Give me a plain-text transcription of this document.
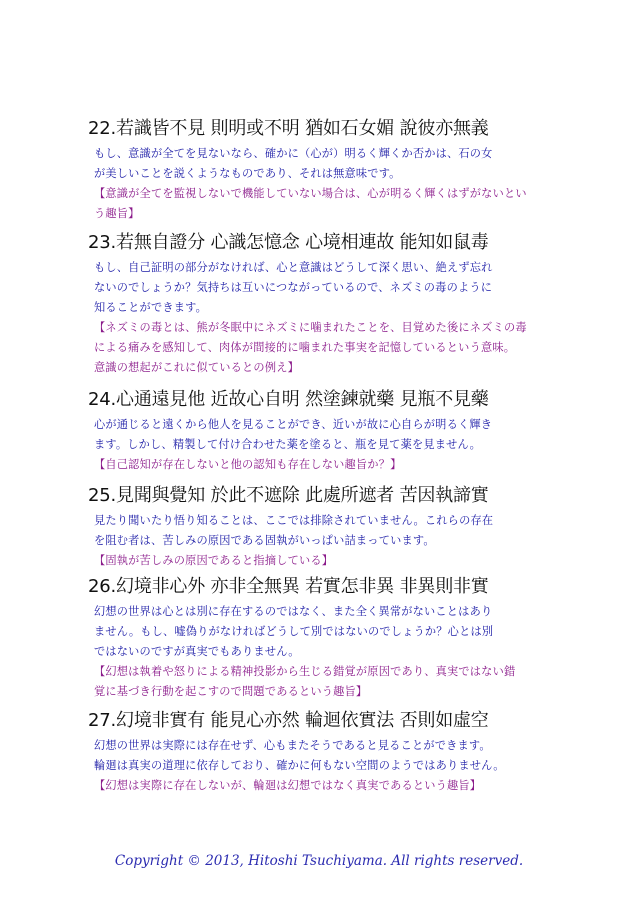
22.若識皆不見 則明或不明 猶如石女媚 說彼亦無義
もし、意識が全てを見ないなら、確かに（心が）明るく輝くか否かは、石の女
が美しいことを説くようなものであり、それは無意味です。
【意識が全てを監視しないで機能していない場合は、心が明るく輝くはずがないとい
う趣旨】
23.若無自證分 心識怎憶念 心境相連故 能知如鼠毒
もし、自己証明の部分がなければ、心と意識はどうして深く思い、絶えず忘れ
ないのでしょうか？気持ちは互いにつながっているので、ネズミの毒のように
知ることができます。
【ネズミの毒とは、熊が冬眠中にネズミに噛まれたことを、目覚めた後にネズミの毒
による痛みを感知して、肉体が間接的に噛まれた事実を記憶しているという意味。
意識の想起がこれに似ているとの例え】
24.心通遠見他 近故心自明 然塗鍊就藥 見瓶不見藥
心が通じると遠くから他人を見ることができ、近いが故に心自らが明るく輝き
ます。しかし、精製して付け合わせた薬を塗ると、瓶を見て薬を見ません。
【自己認知が存在しないと他の認知も存在しない趣旨か？】
25.見聞與覺知 於此不遮除 此處所遮者 苦因執諦實
見たり聞いたり悟り知ることは、ここでは排除されていません。これらの存在
を阻む者は、苦しみの原因である固執がいっぱい詰まっています。
【固執が苦しみの原因であると指摘している】
26.幻境非心外 亦非全無異 若實怎非異 非異則非實
幻想の世界は心とは別に存在するのではなく、また全く異常がないことはあり
ません。もし、嘘偽りがなければどうして別ではないのでしょうか？心とは別
ではないのですが真実でもありません。
【幻想は執着や怒りによる精神投影から生じる錯覚が原因であり、真実ではない錯
覚に基づき行動を起こすので問題であるという趣旨】
27.幻境非實有 能見心亦然 輪迴依實法 否則如虛空
幻想の世界は実際には存在せず、心もまたそうであると見ることができます。
輪廻は真実の道理に依存しており、確かに何もない空間のようではありません。
【幻想は実際に存在しないが、輪廻は幻想ではなく真実であるという趣旨】
Copyright © 2013, Hitoshi Tsuchiyama. All rights reserved.
